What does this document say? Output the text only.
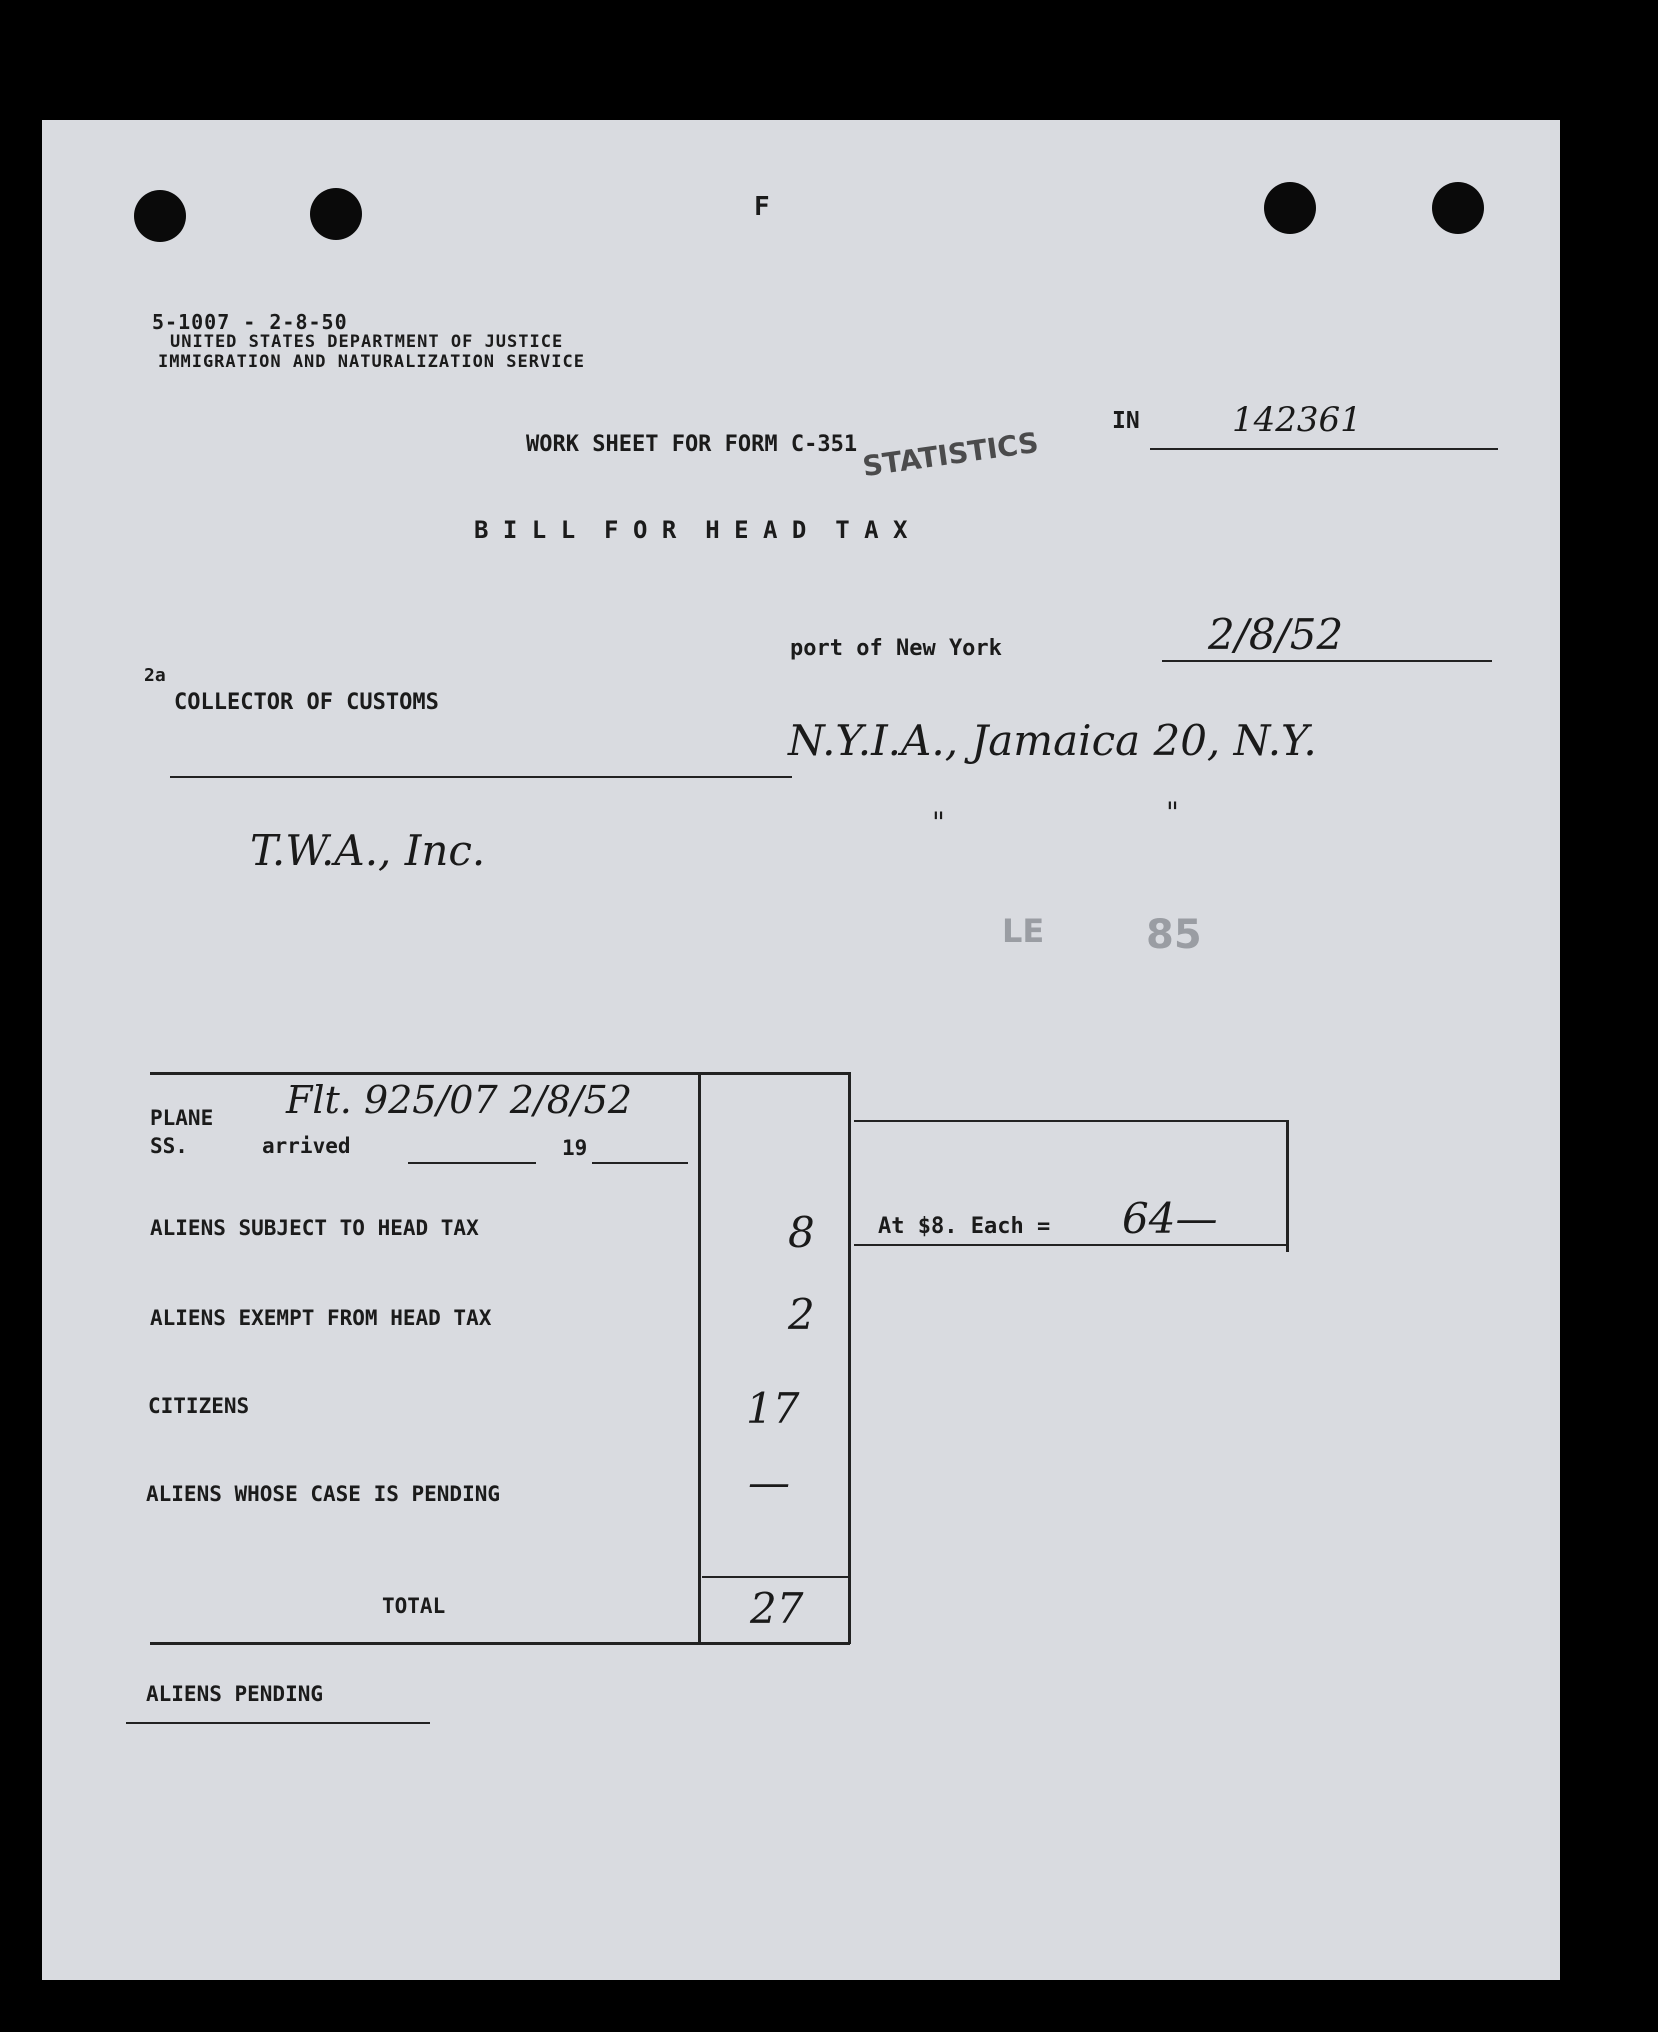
F
5-1007 - 2-8-50
UNITED STATES DEPARTMENT OF JUSTICE
IMMIGRATION AND NATURALIZATION SERVICE
IN	142361
WORK SHEET FOR FORM C-351 STATISTICS
B I L L  F O R  H E A D  T A X
port of New York	2/8/52
2a
COLLECTOR OF CUSTOMS
N.Y.I.A., Jamaica 20, N.Y.
"	"
T.W.A., Inc.
LE	85
PLANE
SS.	arrived	19
Flt. 925/07 2/8/52
ALIENS SUBJECT TO HEAD TAX	8
ALIENS EXEMPT FROM HEAD TAX	2
CITIZENS	17
ALIENS WHOSE CASE IS PENDING	—
TOTAL	27
At $8. Each = 64—
ALIENS PENDING
